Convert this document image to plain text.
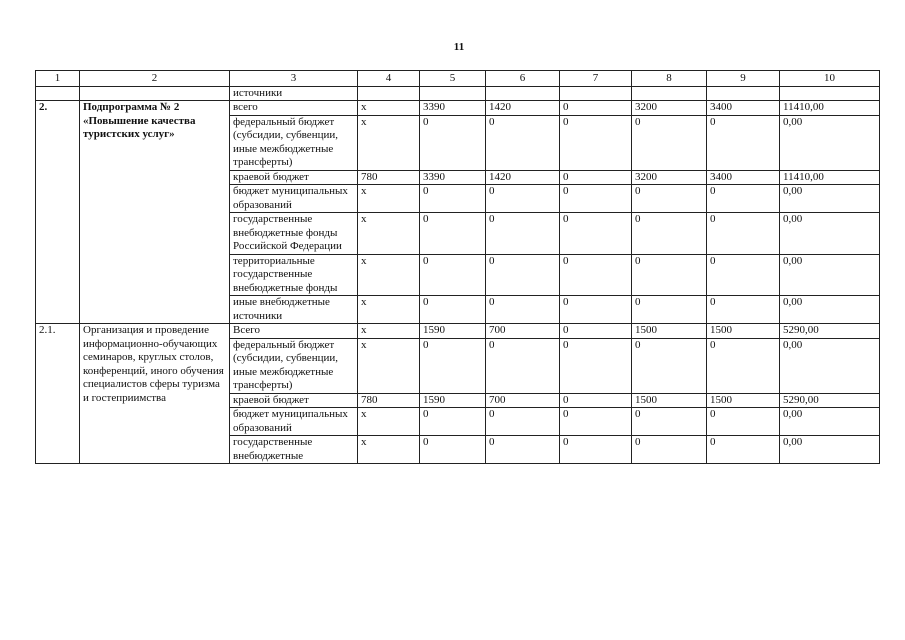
11
1	2	3	4	5	6	7	8	9	10
		источники							
2.	Подпрограмма № 2 «Повышение качества туристских услуг»	всего	х	3390	1420	0	3200	3400	11410,00
		федеральный бюджет (субсидии, субвенции, иные межбюджетные трансферты)	х	0	0	0	0	0	0,00
		краевой бюджет	780	3390	1420	0	3200	3400	11410,00
		бюджет муниципальных образований	х	0	0	0	0	0	0,00
		государственные внебюджетные фонды Российской Федерации	х	0	0	0	0	0	0,00
		территориальные государственные внебюджетные фонды	х	0	0	0	0	0	0,00
		иные внебюджетные источники	х	0	0	0	0	0	0,00
2.1.	Организация и проведение информационно-обучающих семинаров, круглых столов, конференций, иного обучения специалистов сферы туризма и гостеприимства	Всего	х	1590	700	0	1500	1500	5290,00
		федеральный бюджет (субсидии, субвенции, иные межбюджетные трансферты)	х	0	0	0	0	0	0,00
		краевой бюджет	780	1590	700	0	1500	1500	5290,00
		бюджет муниципальных образований	х	0	0	0	0	0	0,00
		государственные внебюджетные	х	0	0	0	0	0	0,00
